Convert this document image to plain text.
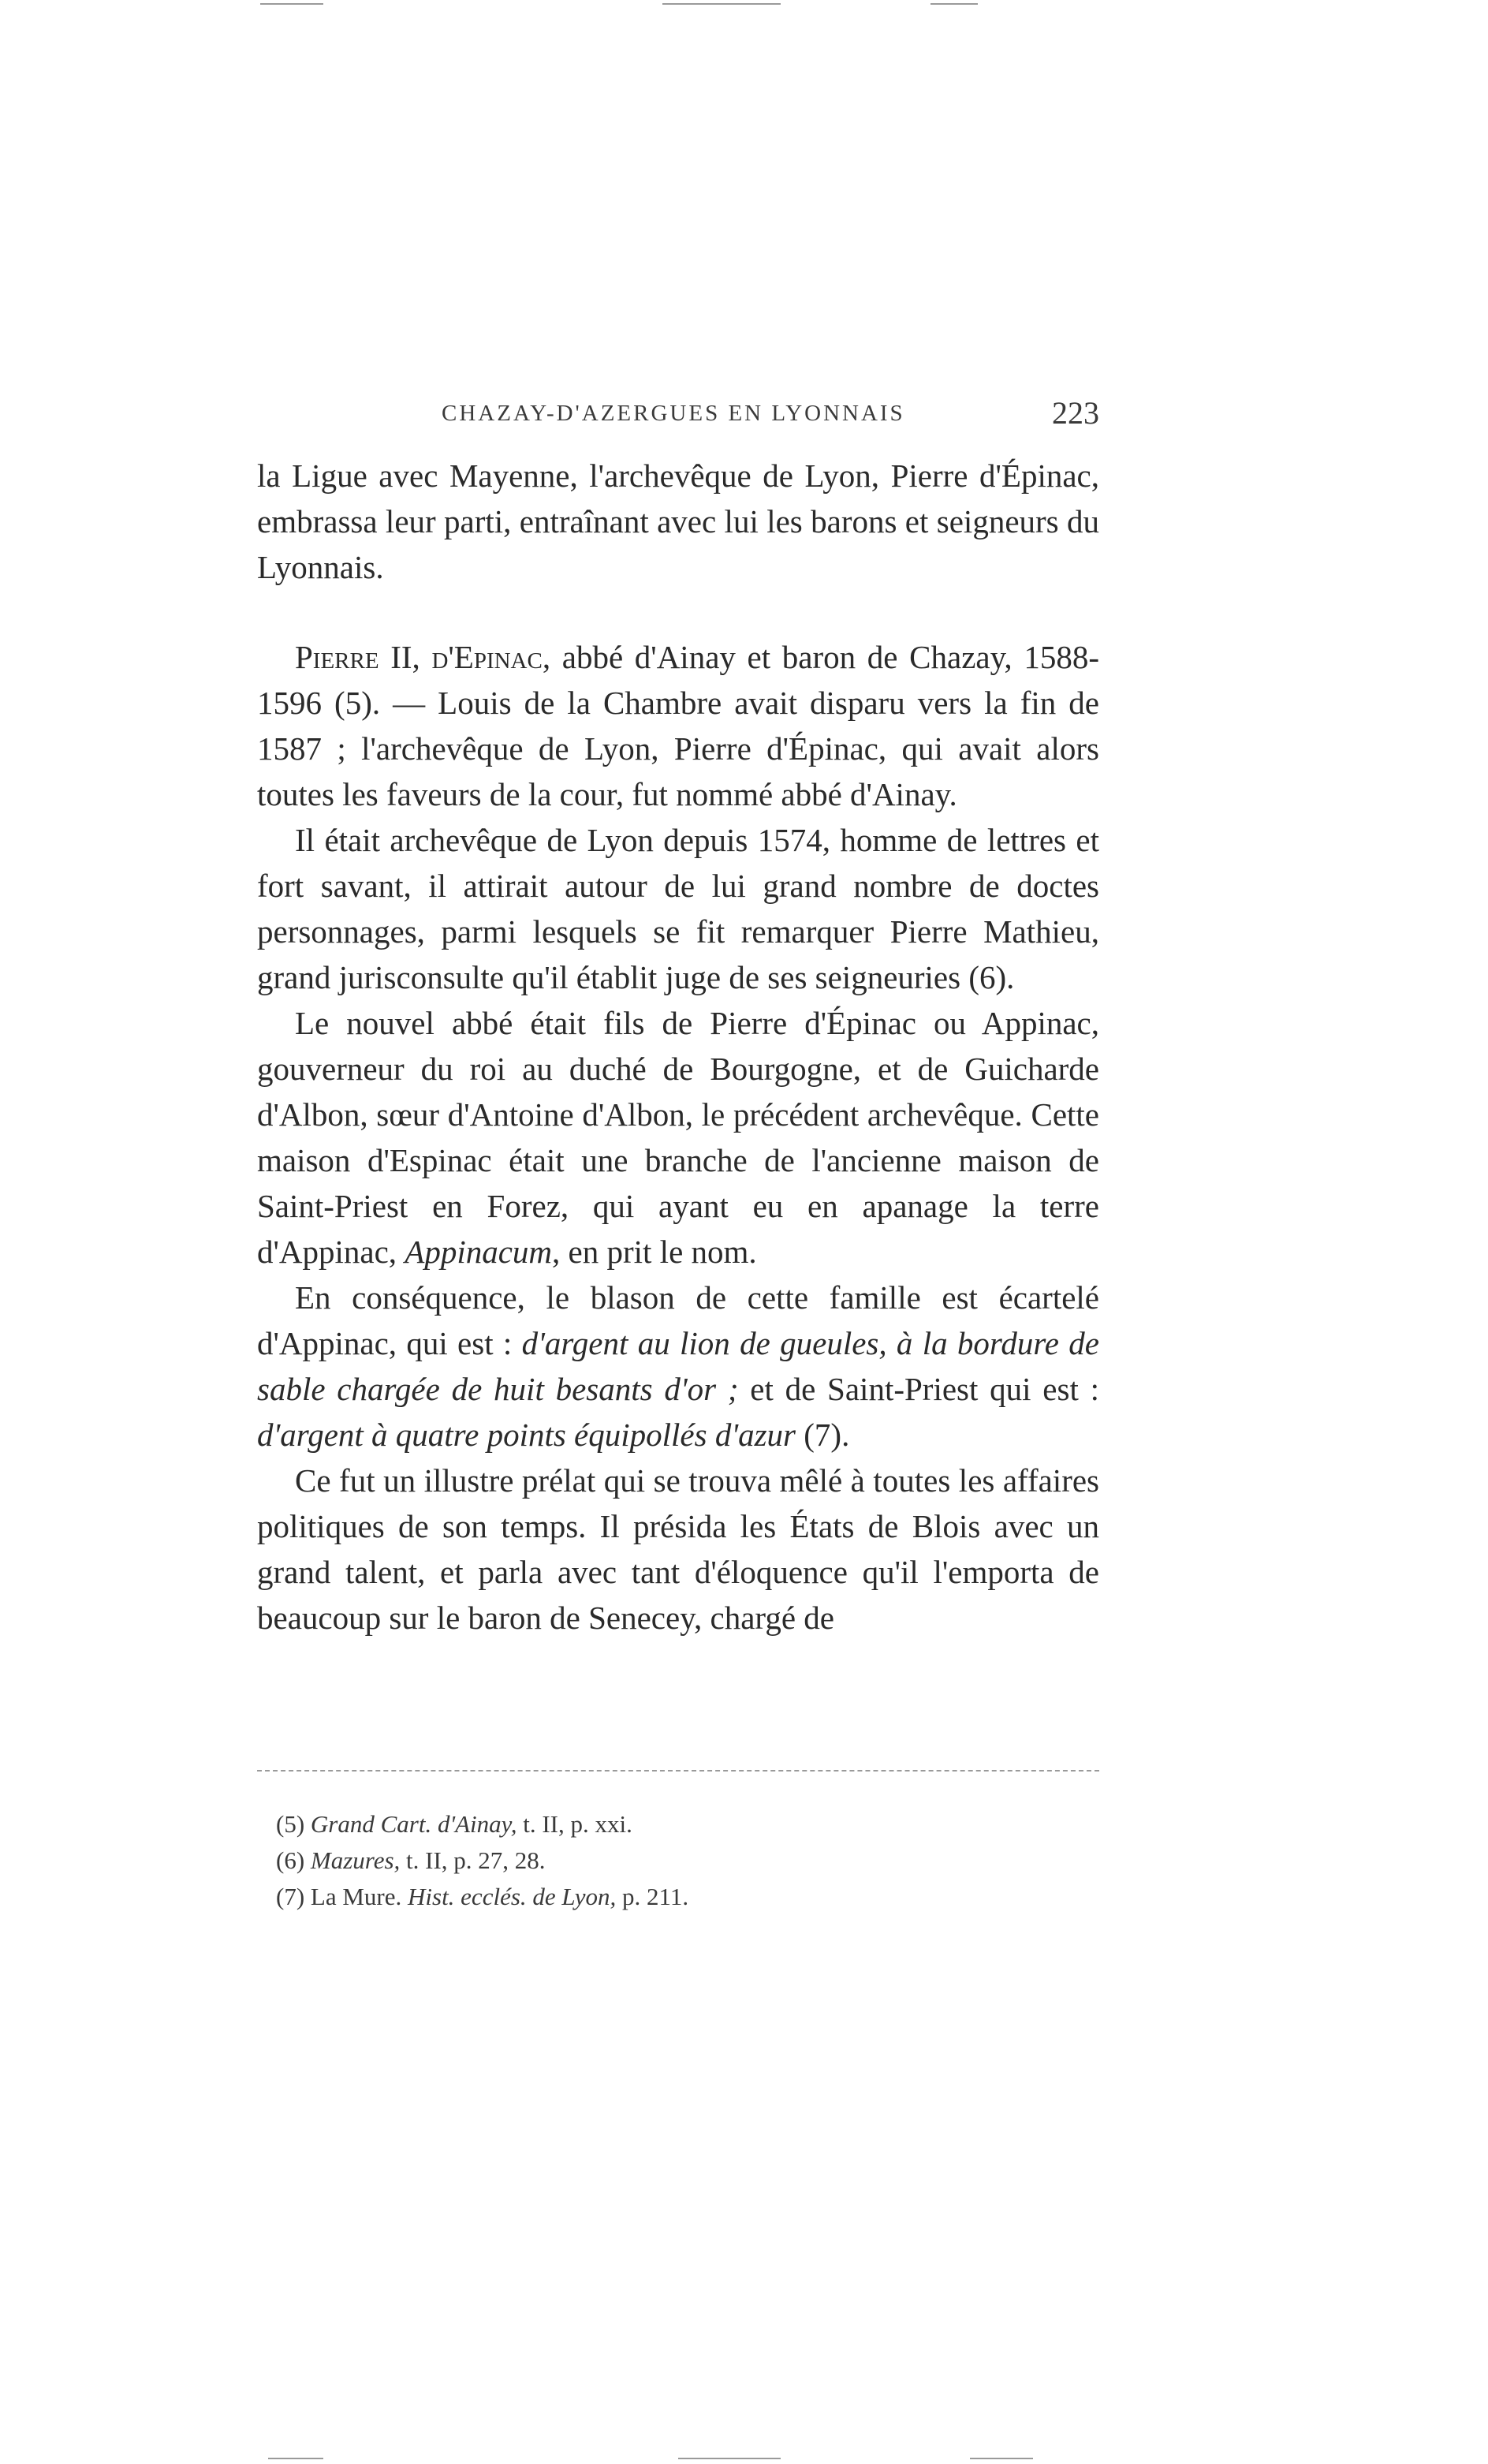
CHAZAY-D'AZERGUES EN LYONNAIS	223

la Ligue avec Mayenne, l'archevêque de Lyon, Pierre d'Épinac, embrassa leur parti, entraînant avec lui les barons et seigneurs du Lyonnais.

Pierre II, d'Epinac, abbé d'Ainay et baron de Chazay, 1588-1596 (5). — Louis de la Chambre avait disparu vers la fin de 1587 ; l'archevêque de Lyon, Pierre d'Épinac, qui avait alors toutes les faveurs de la cour, fut nommé abbé d'Ainay.

Il était archevêque de Lyon depuis 1574, homme de lettres et fort savant, il attirait autour de lui grand nombre de doctes personnages, parmi lesquels se fit remarquer Pierre Mathieu, grand jurisconsulte qu'il établit juge de ses seigneuries (6).

Le nouvel abbé était fils de Pierre d'Épinac ou Appinac, gouverneur du roi au duché de Bourgogne, et de Guicharde d'Albon, sœur d'Antoine d'Albon, le précédent archevêque. Cette maison d'Espinac était une branche de l'ancienne maison de Saint-Priest en Forez, qui ayant eu en apanage la terre d'Appinac, Appinacum, en prit le nom.

En conséquence, le blason de cette famille est écartelé d'Appinac, qui est : d'argent au lion de gueules, à la bordure de sable chargée de huit besants d'or ; et de Saint-Priest qui est : d'argent à quatre points équipollés d'azur (7).

Ce fut un illustre prélat qui se trouva mêlé à toutes les affaires politiques de son temps. Il présida les États de Blois avec un grand talent, et parla avec tant d'éloquence qu'il l'emporta de beaucoup sur le baron de Senecey, chargé de

(5) Grand Cart. d'Ainay, t. II, p. xxi.
(6) Mazures, t. II, p. 27, 28.
(7) La Mure. Hist. ecclés. de Lyon, p. 211.
